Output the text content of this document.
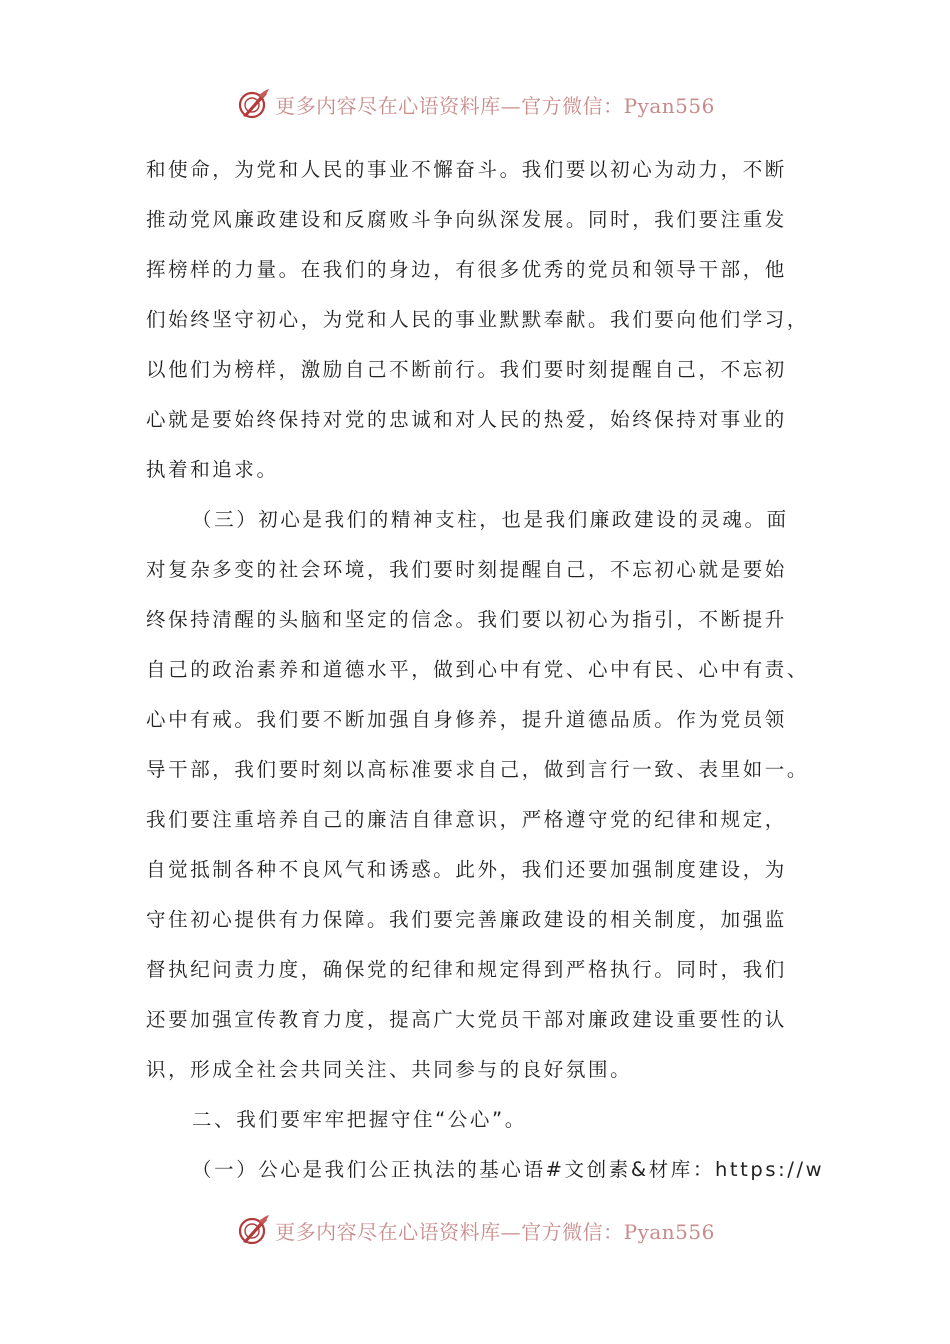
更多内容尽在心语资料库—官方微信：Pyan556
和使命，为党和人民的事业不懈奋斗。我们要以初心为动力，不断
推动党风廉政建设和反腐败斗争向纵深发展。同时，我们要注重发
挥榜样的力量。在我们的身边，有很多优秀的党员和领导干部，他
们始终坚守初心，为党和人民的事业默默奉献。我们要向他们学习，
以他们为榜样，激励自己不断前行。我们要时刻提醒自己，不忘初
心就是要始终保持对党的忠诚和对人民的热爱，始终保持对事业的
执着和追求。
（三）初心是我们的精神支柱，也是我们廉政建设的灵魂。面
对复杂多变的社会环境，我们要时刻提醒自己，不忘初心就是要始
终保持清醒的头脑和坚定的信念。我们要以初心为指引，不断提升
自己的政治素养和道德水平，做到心中有党、心中有民、心中有责、
心中有戒。我们要不断加强自身修养，提升道德品质。作为党员领
导干部，我们要时刻以高标准要求自己，做到言行一致、表里如一。
我们要注重培养自己的廉洁自律意识，严格遵守党的纪律和规定，
自觉抵制各种不良风气和诱惑。此外，我们还要加强制度建设，为
守住初心提供有力保障。我们要完善廉政建设的相关制度，加强监
督执纪问责力度，确保党的纪律和规定得到严格执行。同时，我们
还要加强宣传教育力度，提高广大党员干部对廉政建设重要性的认
识，形成全社会共同关注、共同参与的良好氛围。
二、我们要牢牢把握守住“公心”。
（一）公心是我们公正执法的基心语#文创素&材库：https://w
更多内容尽在心语资料库—官方微信：Pyan556
